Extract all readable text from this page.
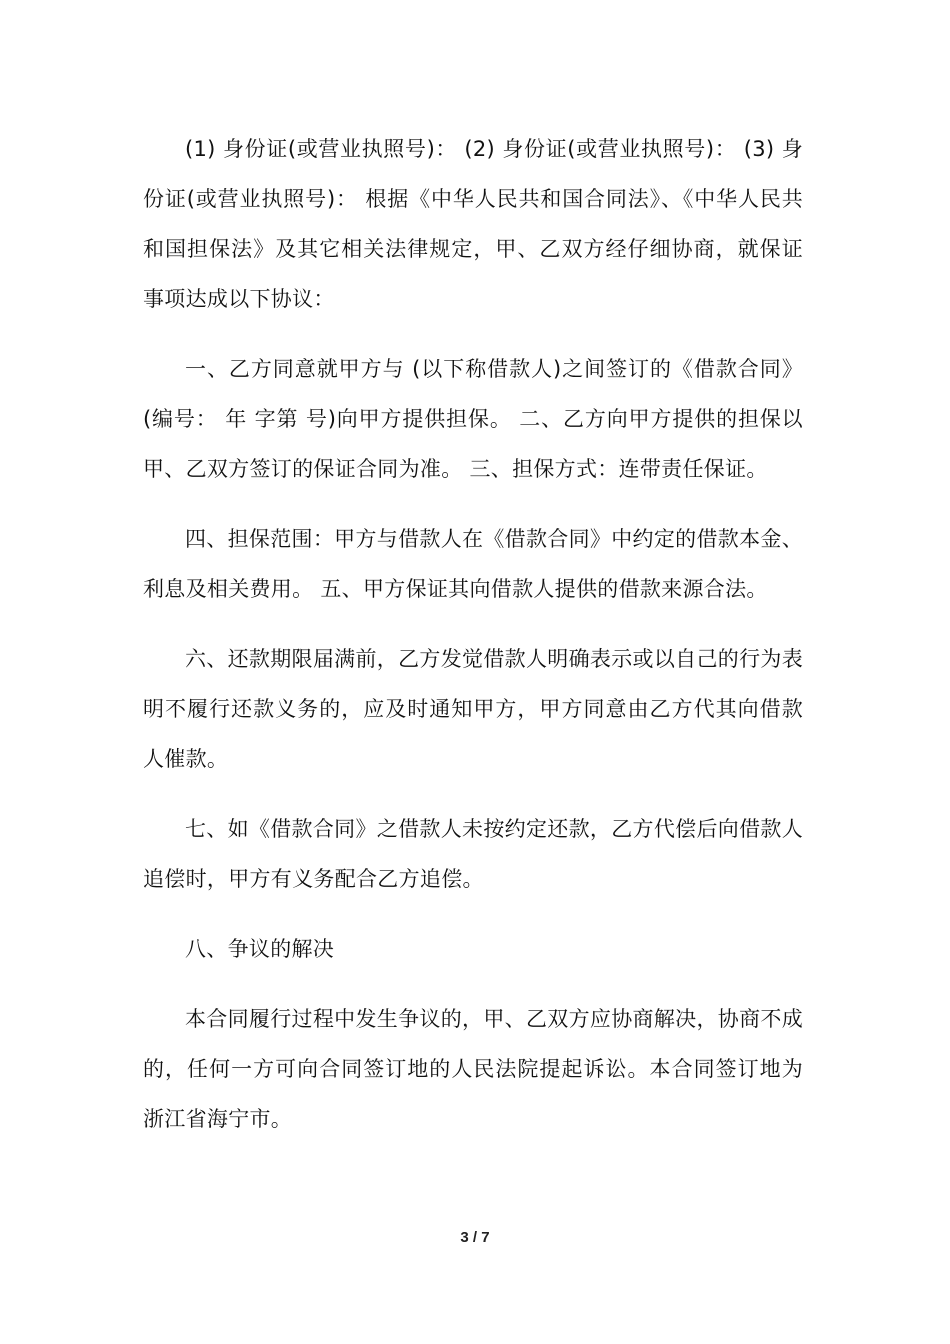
(1) 身份证(或营业执照号)： (2) 身份证(或营业执照号)： (3) 身份证(或营业执照号)： 根据《中华人民共和国合同法》、《中华人民共和国担保法》及其它相关法律规定，甲、乙双方经仔细协商，就保证事项达成以下协议：

一、乙方同意就甲方与 (以下称借款人)之间签订的《借款合同》(编号： 年 字第 号)向甲方提供担保。 二、乙方向甲方提供的担保以甲、乙双方签订的保证合同为准。 三、担保方式：连带责任保证。

四、担保范围：甲方与借款人在《借款合同》中约定的借款本金、利息及相关费用。 五、甲方保证其向借款人提供的借款来源合法。

六、还款期限届满前，乙方发觉借款人明确表示或以自己的行为表明不履行还款义务的，应及时通知甲方，甲方同意由乙方代其向借款人催款。

七、如《借款合同》之借款人未按约定还款，乙方代偿后向借款人追偿时，甲方有义务配合乙方追偿。

八、争议的解决

本合同履行过程中发生争议的，甲、乙双方应协商解决，协商不成的，任何一方可向合同签订地的人民法院提起诉讼。本合同签订地为浙江省海宁市。

3 / 7
